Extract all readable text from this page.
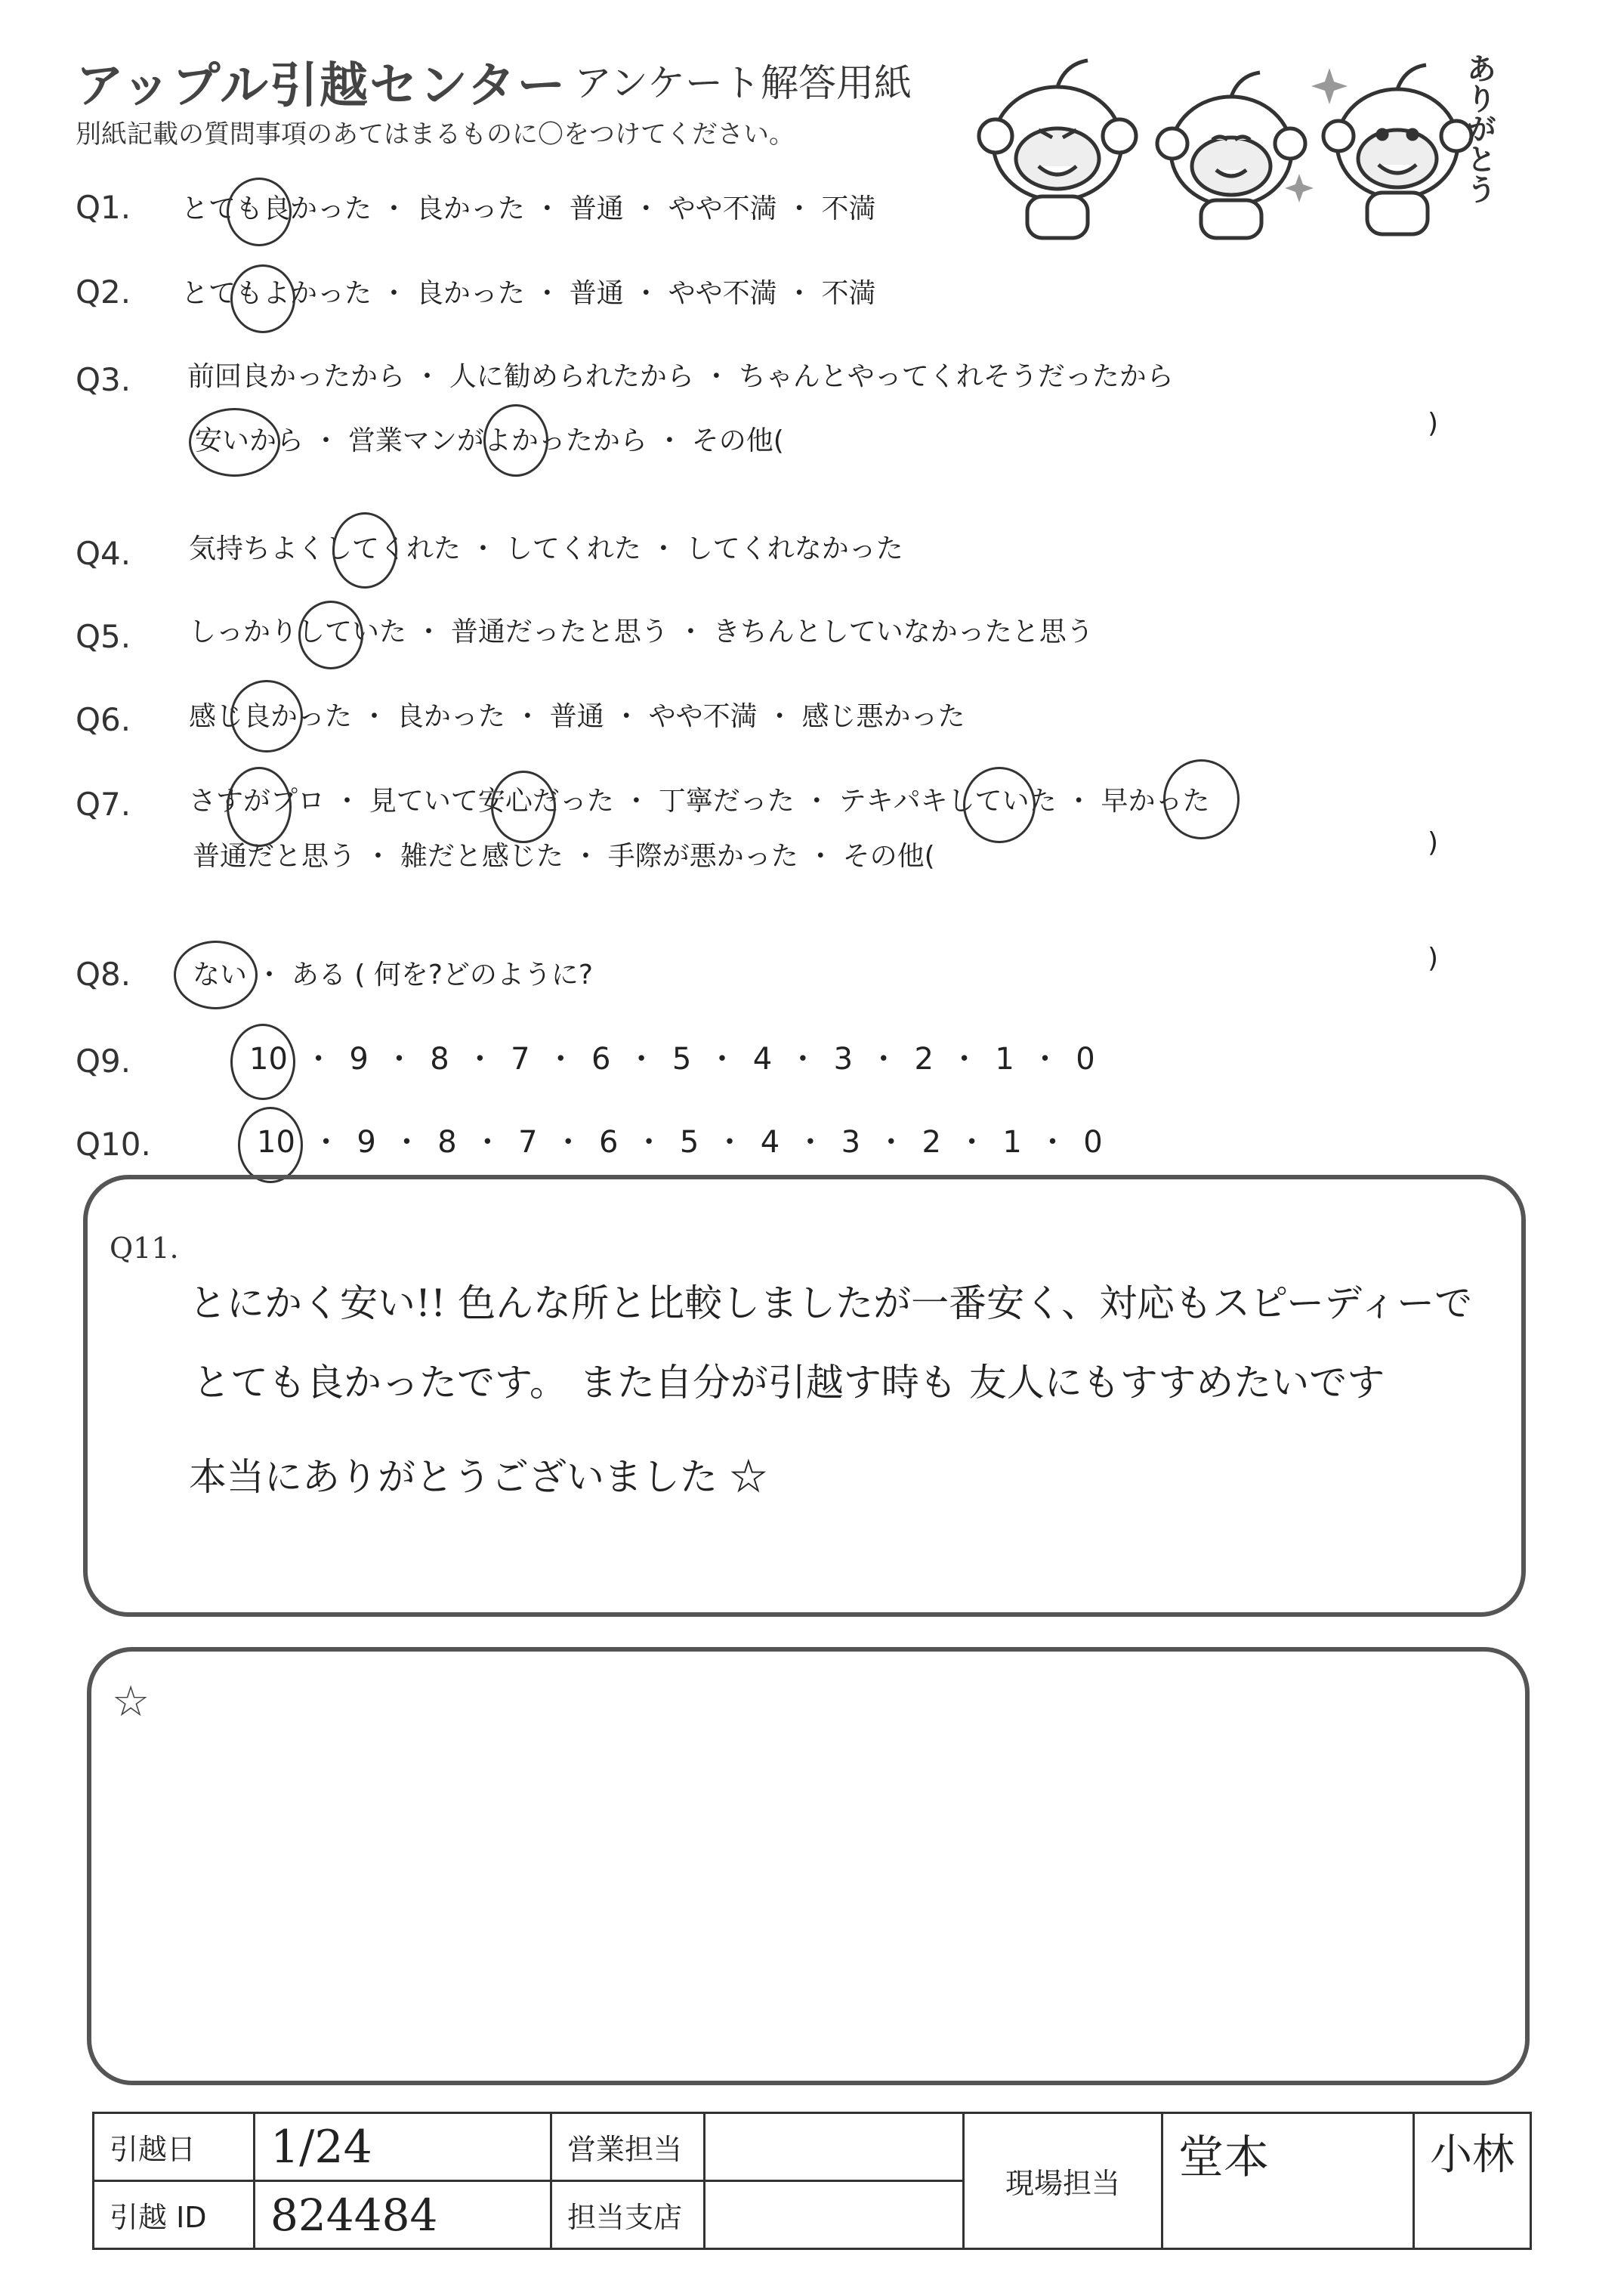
アップル引越センター アンケート解答用紙
別紙記載の質問事項のあてはまるものに〇をつけてください。	ありがとう
Q1. とても良かった ・ 良かった ・ 普通 ・ やや不満 ・ 不満
Q2. とてもよかった ・ 良かった ・ 普通 ・ やや不満 ・ 不満
Q3. 前回良かったから ・ 人に勧められたから ・ ちゃんとやってくれそうだったから
安いから ・ 営業マンがよかったから ・ その他(
)
Q4. 気持ちよくしてくれた ・ してくれた ・ してくれなかった
Q5. しっかりしていた ・ 普通だったと思う ・ きちんとしていなかったと思う
Q6. 感じ良かった ・ 良かった ・ 普通 ・ やや不満 ・ 感じ悪かった
Q7. さすがプロ ・ 見ていて安心だった ・ 丁寧だった ・ テキパキしていた ・ 早かった
普通だと思う ・ 雑だと感じた ・ 手際が悪かった ・ その他(	)
Q8. ない ・ ある ( 何を?どのように?
)
Q9.	10 ・ 9 ・ 8 ・ 7 ・ 6 ・ 5 ・ 4 ・ 3 ・ 2 ・ 1 ・ 0
Q10.	10 ・ 9 ・ 8 ・ 7 ・ 6 ・ 5 ・ 4 ・ 3 ・ 2 ・ 1 ・ 0
Q11.
とにかく安い!! 色んな所と比較しましたが一番安く、対応もスピーディーで
とても良かったです。 また自分が引越す時も 友人にもすすめたいです
本当にありがとうございました ☆
☆
引越日	1/24	営業担当		現場担当	堂本	小林
引越 ID	824484	担当支店				
